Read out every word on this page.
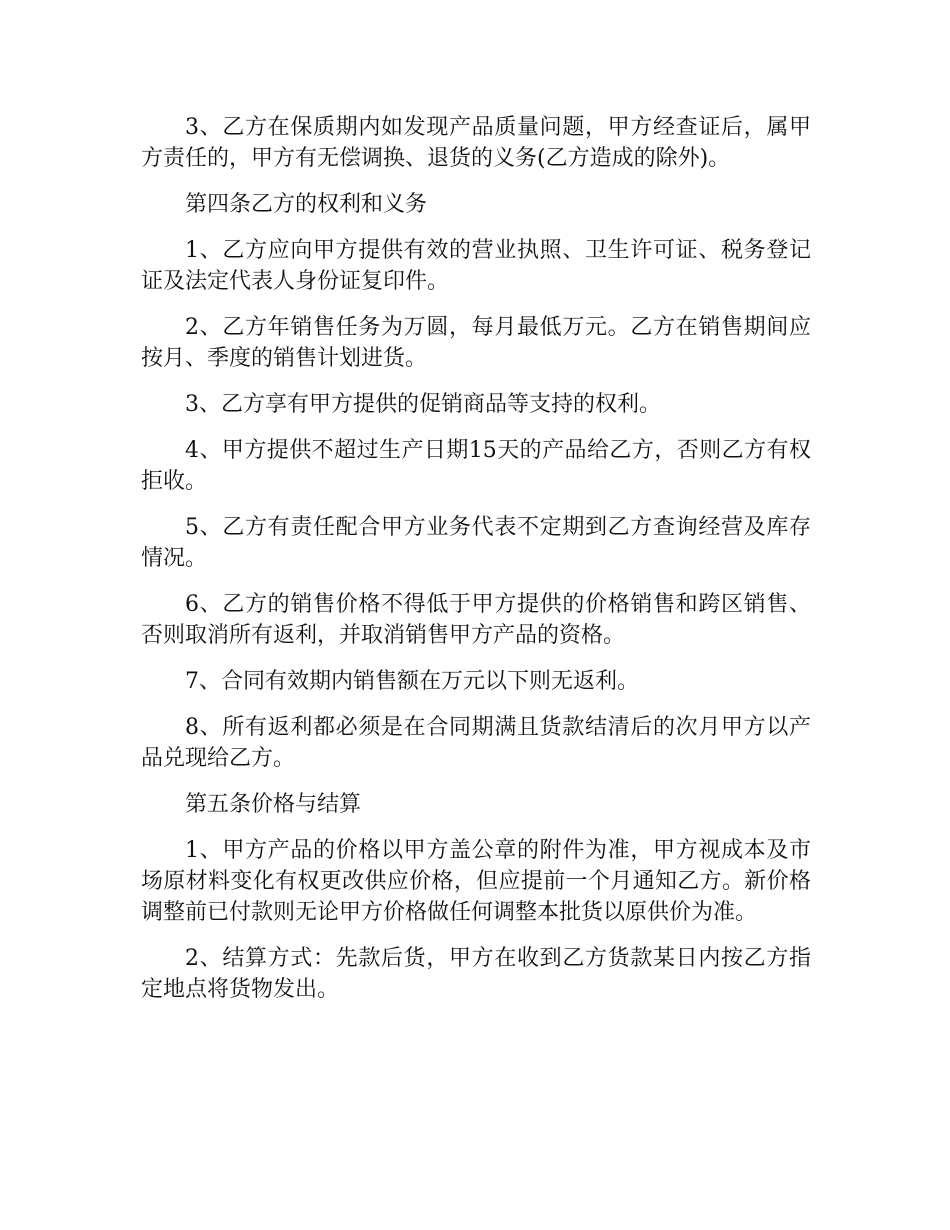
3、乙方在保质期内如发现产品质量问题，甲方经查证后，属甲方责任的，甲方有无偿调换、退货的义务(乙方造成的除外)。

第四条乙方的权利和义务

1、乙方应向甲方提供有效的营业执照、卫生许可证、税务登记证及法定代表人身份证复印件。

2、乙方年销售任务为万圆，每月最低万元。乙方在销售期间应按月、季度的销售计划进货。

3、乙方享有甲方提供的促销商品等支持的权利。

4、甲方提供不超过生产日期15天的产品给乙方，否则乙方有权拒收。

5、乙方有责任配合甲方业务代表不定期到乙方查询经营及库存情况。

6、乙方的销售价格不得低于甲方提供的价格销售和跨区销售、否则取消所有返利，并取消销售甲方产品的资格。

7、合同有效期内销售额在万元以下则无返利。

8、所有返利都必须是在合同期满且货款结清后的次月甲方以产品兑现给乙方。

第五条价格与结算

1、甲方产品的价格以甲方盖公章的附件为准，甲方视成本及市场原材料变化有权更改供应价格，但应提前一个月通知乙方。新价格调整前已付款则无论甲方价格做任何调整本批货以原供价为准。

2、结算方式：先款后货，甲方在收到乙方货款某日内按乙方指定地点将货物发出。
